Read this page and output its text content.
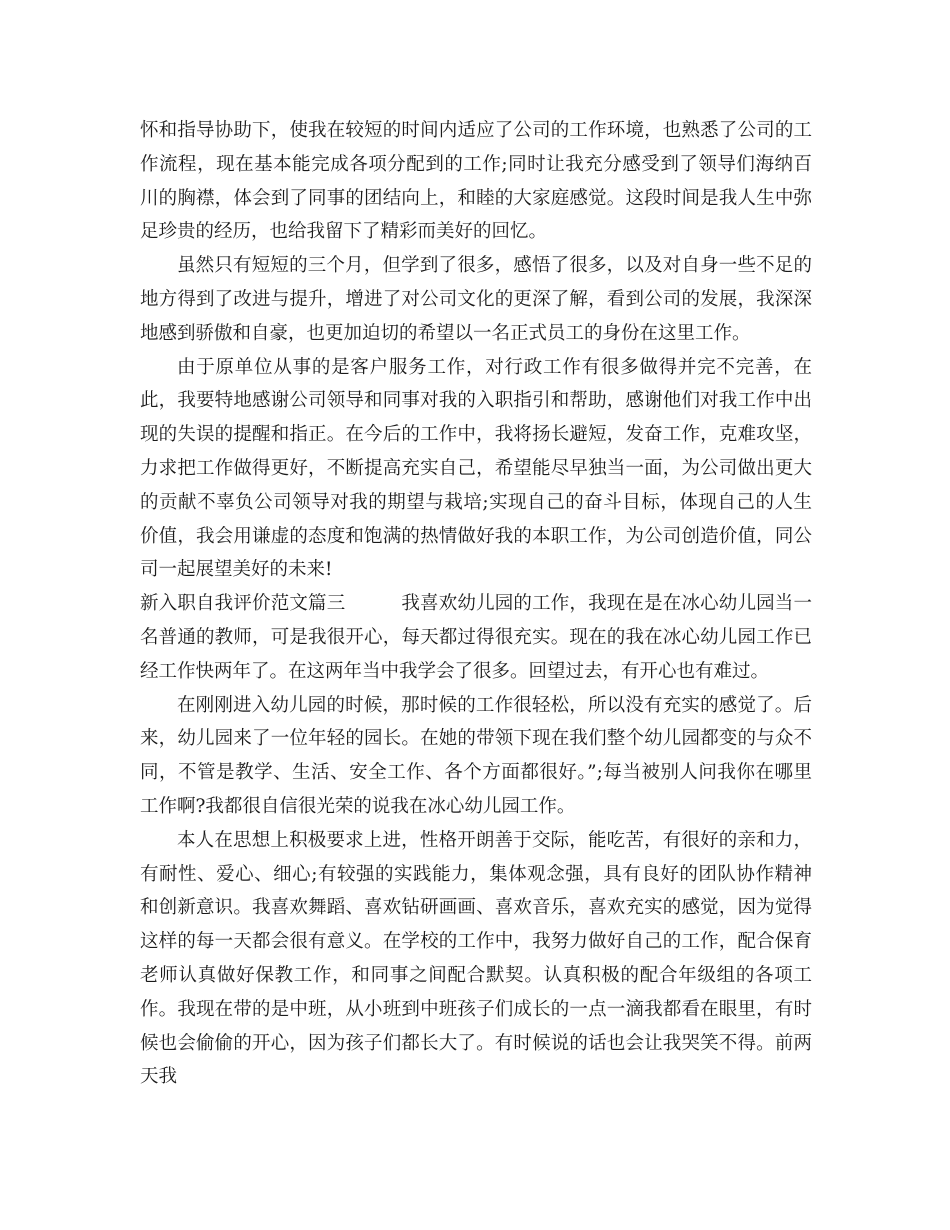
怀和指导协助下，使我在较短的时间内适应了公司的工作环境，也熟悉了公司的工作流程，现在基本能完成各项分配到的工作;同时让我充分感受到了领导们海纳百川的胸襟，体会到了同事的团结向上，和睦的大家庭感觉。这段时间是我人生中弥足珍贵的经历，也给我留下了精彩而美好的回忆。

虽然只有短短的三个月，但学到了很多，感悟了很多，以及对自身一些不足的地方得到了改进与提升，增进了对公司文化的更深了解，看到公司的发展，我深深地感到骄傲和自豪，也更加迫切的希望以一名正式员工的身份在这里工作。

由于原单位从事的是客户服务工作，对行政工作有很多做得并完不完善，在此，我要特地感谢公司领导和同事对我的入职指引和帮助，感谢他们对我工作中出现的失误的提醒和指正。在今后的工作中，我将扬长避短，发奋工作，克难攻坚，力求把工作做得更好，不断提高充实自己，希望能尽早独当一面，为公司做出更大的贡献不辜负公司领导对我的期望与栽培;实现自己的奋斗目标，体现自己的人生价值，我会用谦虚的态度和饱满的热情做好我的本职工作，为公司创造价值，同公司一起展望美好的未来!

新入职自我评价范文篇三　　　	我喜欢幼儿园的工作，我现在是在冰心幼儿园当一名普通的教师，可是我很开心，每天都过得很充实。现在的我在冰心幼儿园工作已经工作快两年了。在这两年当中我学会了很多。回望过去，有开心也有难过。

在刚刚进入幼儿园的时候，那时候的工作很轻松，所以没有充实的感觉了。后来，幼儿园来了一位年轻的园长。在她的带领下现在我们整个幼儿园都变的与众不同，不管是教学、生活、安全工作、各个方面都很好。”;每当被别人问我你在哪里工作啊?我都很自信很光荣的说我在冰心幼儿园工作。

本人在思想上积极要求上进，性格开朗善于交际，能吃苦，有很好的亲和力，有耐性、爱心、细心;有较强的实践能力，集体观念强，具有良好的团队协作精神和创新意识。我喜欢舞蹈、喜欢钻研画画、喜欢音乐，喜欢充实的感觉，因为觉得这样的每一天都会很有意义。在学校的工作中，我努力做好自己的工作，配合保育老师认真做好保教工作，和同事之间配合默契。认真积极的配合年级组的各项工作。我现在带的是中班，从小班到中班孩子们成长的一点一滴我都看在眼里，有时候也会偷偷的开心，因为孩子们都长大了。有时候说的话也会让我哭笑不得。前两天我
